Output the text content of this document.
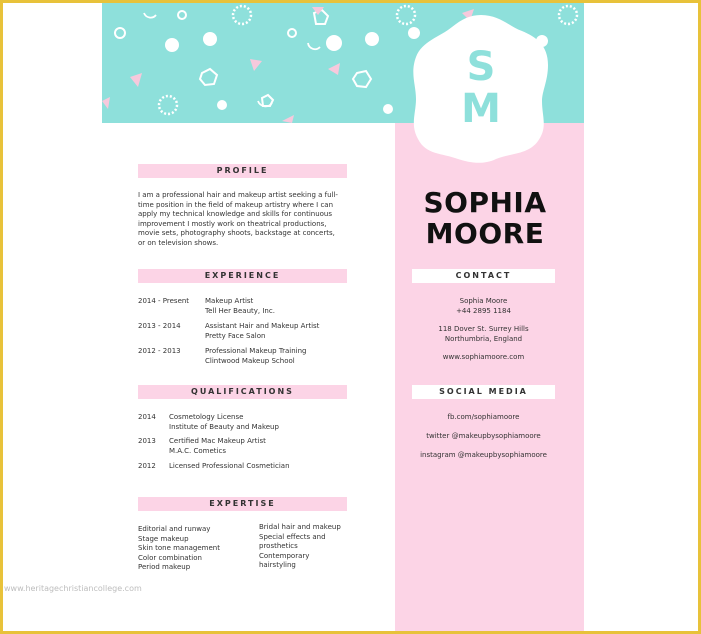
S
M
SOPHIA
MOORE
PROFILE
I am a professional hair and makeup artist seeking a full-
time position in the field of makeup artistry where I can
apply my technical knowledge and skills for continuous
improvement I mostly work on theatrical productions,
movie sets, photography shoots, backstage at concerts,
or on television shows.
EXPERIENCE
2014 - Present Makeup Artist
Tell Her Beauty, Inc.
2013 - 2014	Assistant Hair and Makeup Artist
Pretty Face Salon
2012 - 2013	Professional Makeup Training
Clintwood Makeup School
QUALIFICATIONS
2014 Cosmetology License
Institute of Beauty and Makeup
2013 Certified Mac Makeup Artist
M.A.C. Cometics
2012 Licensed Professional Cosmetician
EXPERTISE
Editorial and runway
Stage makeup
Skin tone management
Color combination
Period makeup
Bridal hair and makeup
Special effects and
prosthetics
Contemporary
hairstyling
CONTACT
Sophia Moore
+44 2895 1184
118 Dover St. Surrey Hills
Northumbria, England
www.sophiamoore.com
SOCIAL MEDIA
fb.com/sophiamoore
twitter @makeupbysophiamoore
instagram @makeupbysophiamoore
www.heritagechristiancollege.com
